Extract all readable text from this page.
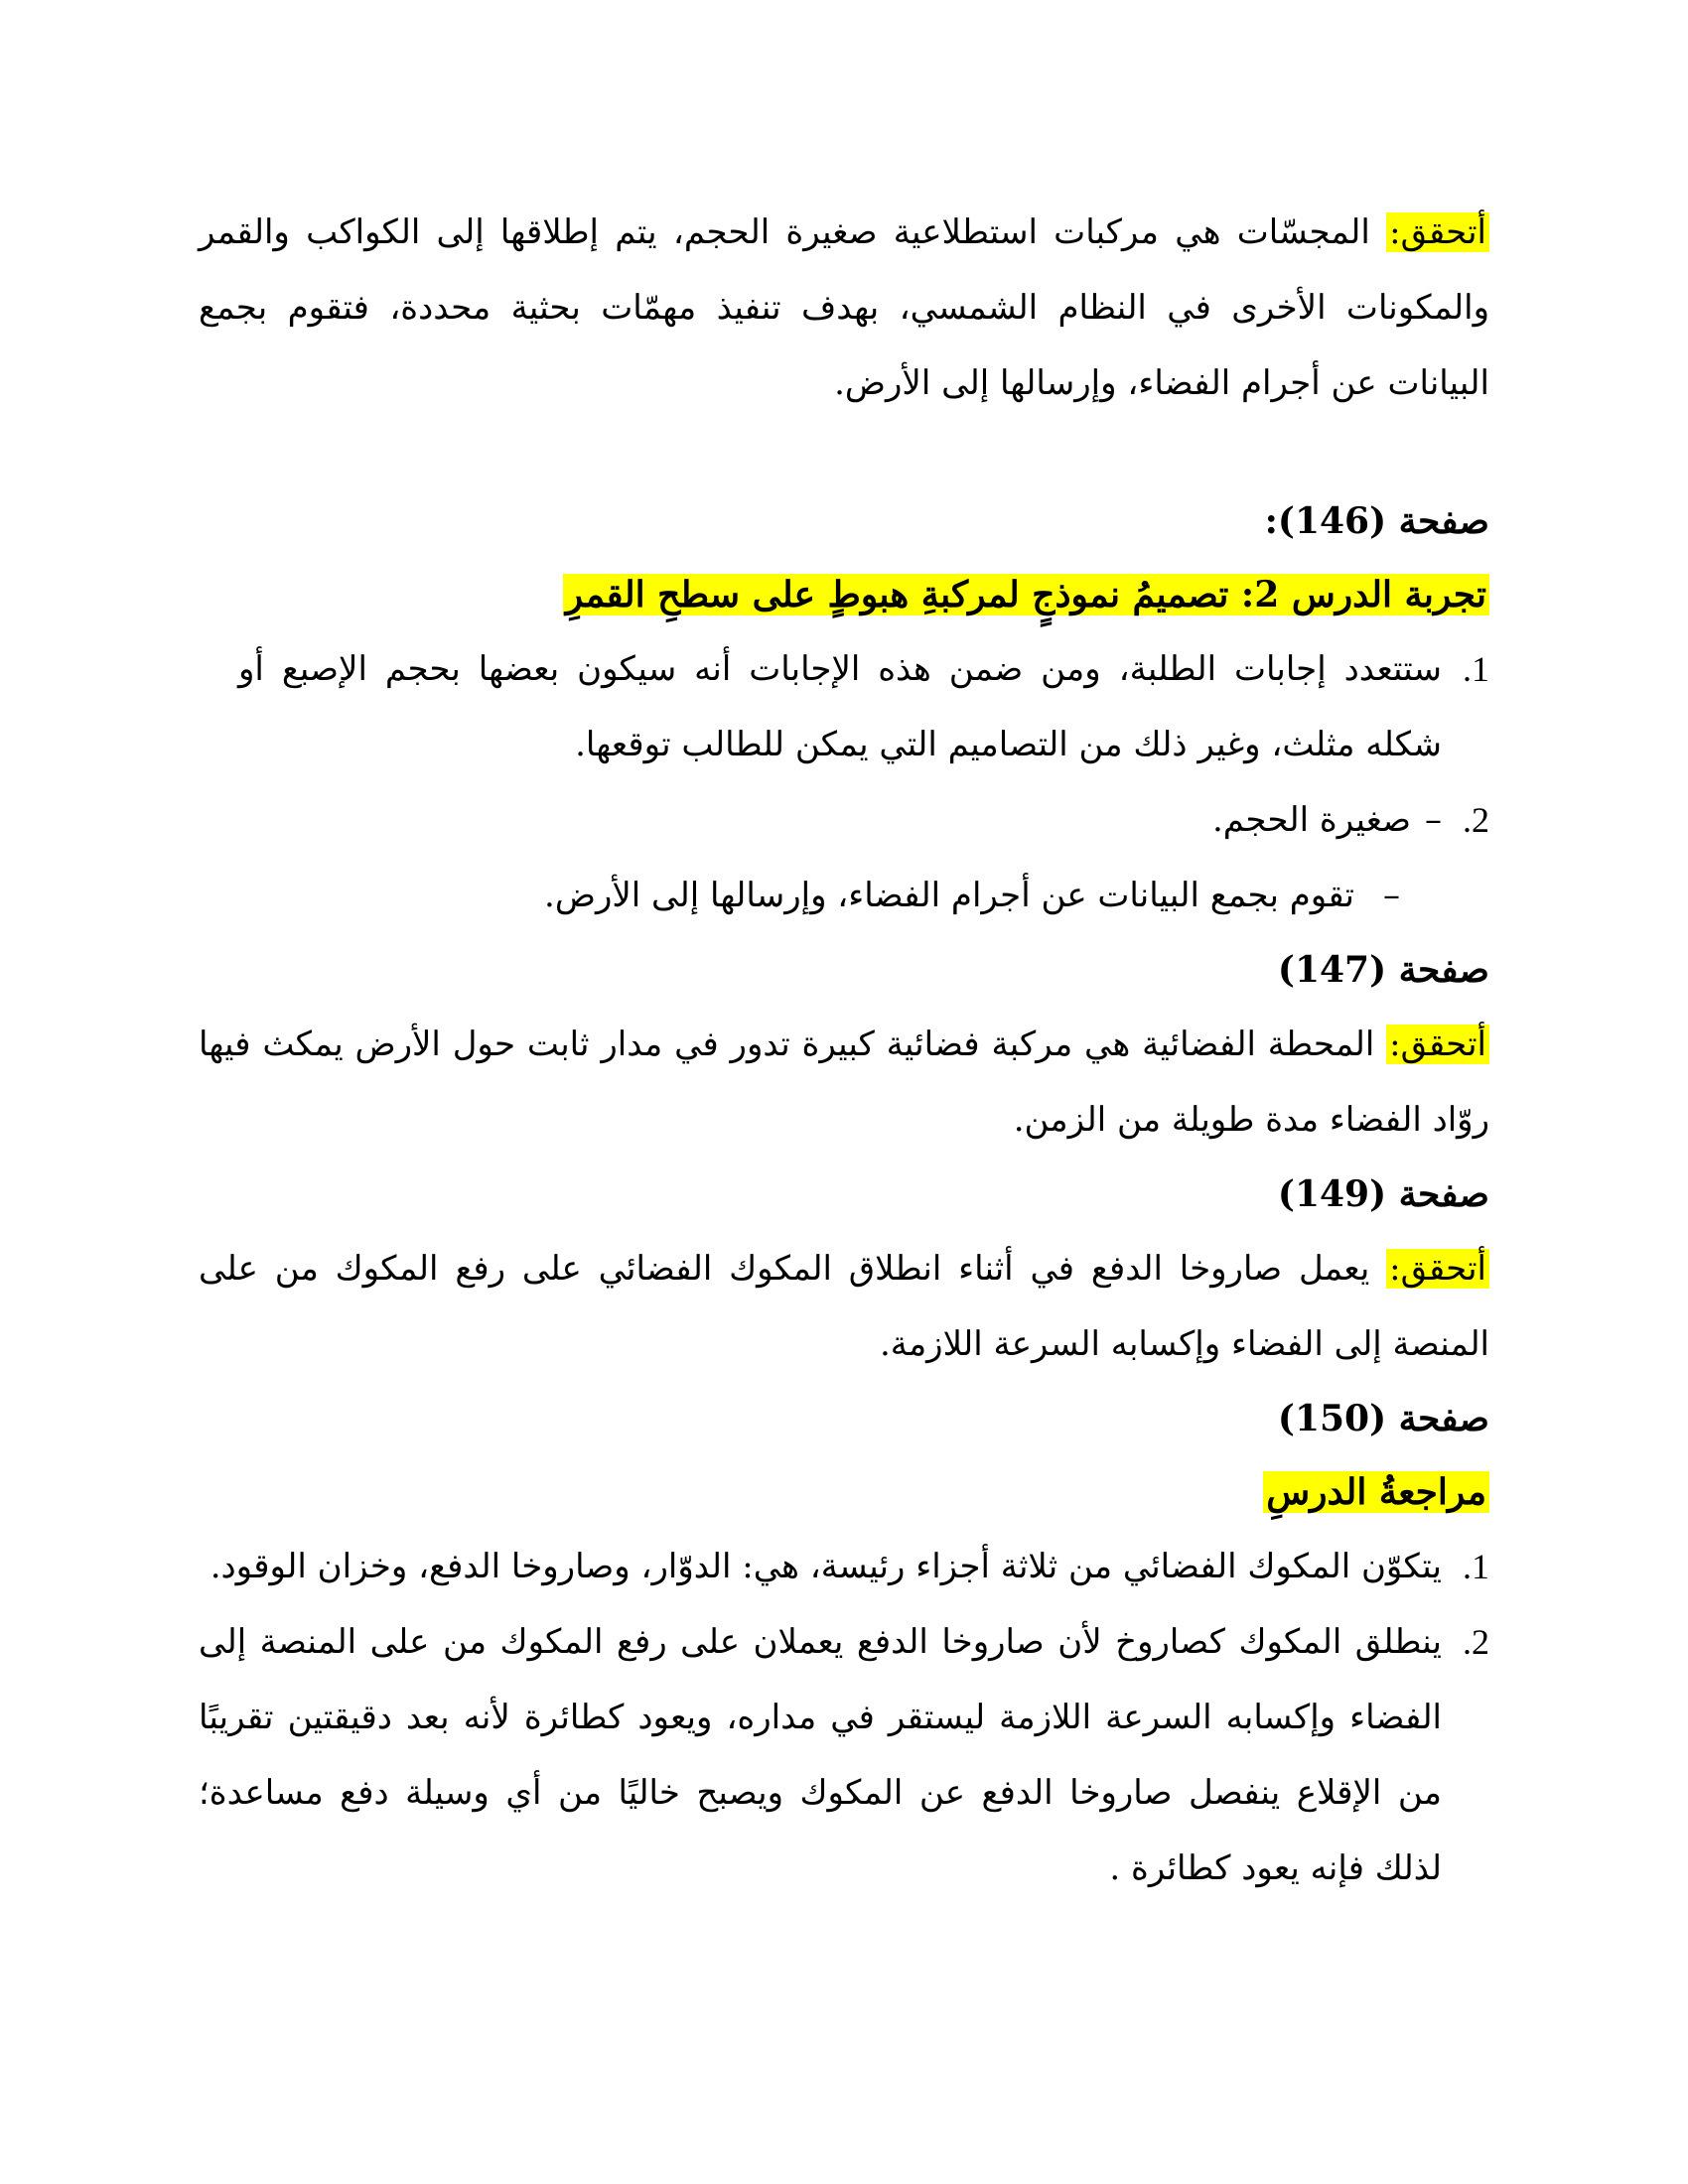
أتحقق: المجسّات هي مركبات استطلاعية صغيرة الحجم، يتم إطلاقها إلى الكواكب والقمر والمكونات الأخرى في النظام الشمسي، بهدف تنفيذ مهمّات بحثية محددة، فتقوم بجمع البيانات عن أجرام الفضاء، وإرسالها إلى الأرض.

صفحة (146):

تجربة الدرس 2: تصميمُ نموذجٍ لمركبةِ هبوطٍ على سطحِ القمرِ

1.
ستتعدد إجابات الطلبة، ومن ضمن هذه الإجابات أنه سيكون بعضها بحجم الإصبع أو شكله مثلث، وغير ذلك من التصاميم التي يمكن للطالب توقعها.
2.
–صغيرة الحجم.
–
تقوم بجمع البيانات عن أجرام الفضاء، وإرسالها إلى الأرض.

صفحة (147)

أتحقق: المحطة الفضائية هي مركبة فضائية كبيرة تدور في مدار ثابت حول الأرض يمكث فيها روّاد الفضاء مدة طويلة من الزمن.

صفحة (149)

أتحقق: يعمل صاروخا الدفع في أثناء انطلاق المكوك الفضائي على رفع المكوك من على المنصة إلى الفضاء وإكسابه السرعة اللازمة.

صفحة (150)

مراجعةُ الدرسِ

1.
يتكوّن المكوك الفضائي من ثلاثة أجزاء رئيسة، هي: الدوّار، وصاروخا الدفع، وخزان الوقود.
2.
ينطلق المكوك كصاروخ لأن صاروخا الدفع يعملان على رفع المكوك من على المنصة إلى الفضاء وإكسابه السرعة اللازمة ليستقر في مداره، ويعود كطائرة لأنه بعد دقيقتين تقريبًا من الإقلاع ينفصل صاروخا الدفع عن المكوك ويصبح خاليًا من أي وسيلة دفع مساعدة؛ لذلك فإنه يعود كطائرة .
